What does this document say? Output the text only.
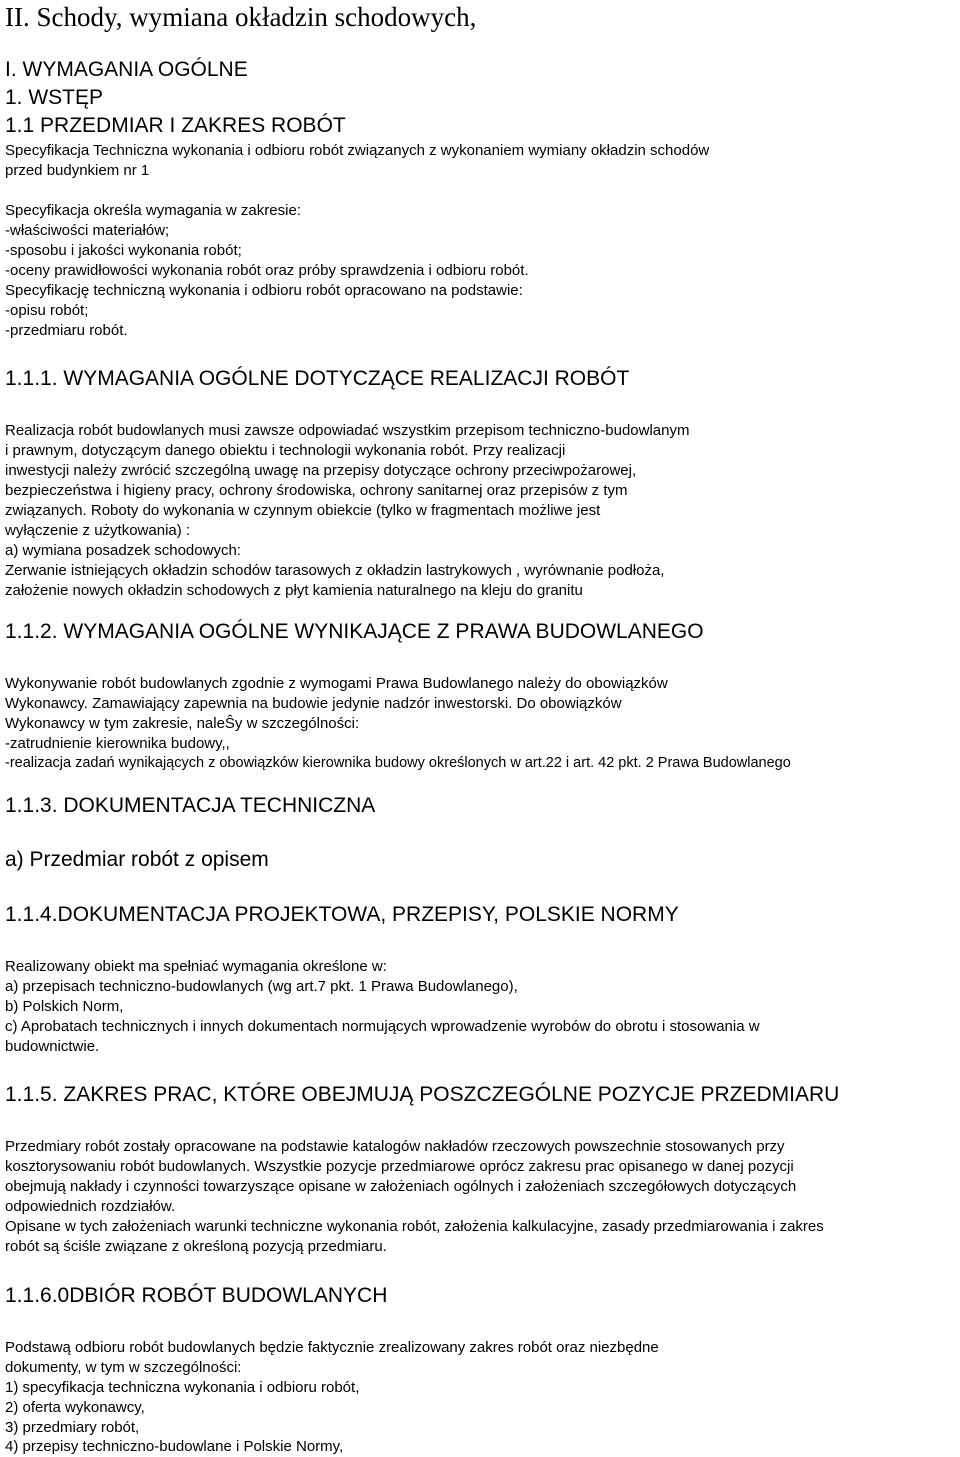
II. Schody, wymiana okładzin schodowych,
I. WYMAGANIA OGÓLNE
1. WSTĘP
1.1 PRZEDMIAR I ZAKRES ROBÓT
Specyfikacja Techniczna wykonania i odbioru robót związanych z wykonaniem wymiany okładzin schodów
przed budynkiem nr 1
Specyfikacja określa wymagania w zakresie:
-właściwości materiałów;
-sposobu i jakości wykonania robót;
-oceny prawidłowości wykonania robót oraz próby sprawdzenia i odbioru robót.
Specyfikację techniczną wykonania i odbioru robót opracowano na podstawie:
-opisu robót;
-przedmiaru robót.
1.1.1. WYMAGANIA OGÓLNE DOTYCZĄCE REALIZACJI ROBÓT
Realizacja robót budowlanych musi zawsze odpowiadać wszystkim przepisom techniczno-budowlanym
i prawnym, dotyczącym danego obiektu i technologii wykonania robót. Przy realizacji
inwestycji należy zwrócić szczególną uwagę na przepisy dotyczące ochrony przeciwpożarowej,
bezpieczeństwa i higieny pracy, ochrony środowiska, ochrony sanitarnej oraz przepisów z tym
związanych. Roboty do wykonania w czynnym obiekcie (tylko w fragmentach możliwe jest
wyłączenie z użytkowania) :
a) wymiana posadzek schodowych:
Zerwanie istniejących okładzin schodów tarasowych z okładzin lastrykowych , wyrównanie podłoża,
założenie nowych okładzin schodowych z płyt kamienia naturalnego na kleju do granitu
1.1.2. WYMAGANIA OGÓLNE WYNIKAJĄCE Z PRAWA BUDOWLANEGO
Wykonywanie robót budowlanych zgodnie z wymogami Prawa Budowlanego należy do obowiązków
Wykonawcy. Zamawiający zapewnia na budowie jedynie nadzór inwestorski. Do obowiązków
Wykonawcy w tym zakresie, naleŜy w szczególności:
-zatrudnienie kierownika budowy,,
-realizacja zadań wynikających z obowiązków kierownika budowy określonych w art.22 i art. 42 pkt. 2 Prawa Budowlanego
1.1.3. DOKUMENTACJA TECHNICZNA
a) Przedmiar robót z opisem
1.1.4.DOKUMENTACJA PROJEKTOWA, PRZEPISY, POLSKIE NORMY
Realizowany obiekt ma spełniać wymagania określone w:
a) przepisach techniczno-budowlanych (wg art.7 pkt. 1 Prawa Budowlanego),
b) Polskich Norm,
c) Aprobatach technicznych i innych dokumentach normujących wprowadzenie wyrobów do obrotu i stosowania w
budownictwie.
1.1.5. ZAKRES PRAC, KTÓRE OBEJMUJĄ POSZCZEGÓLNE POZYCJE PRZEDMIARU
Przedmiary robót zostały opracowane na podstawie katalogów nakładów rzeczowych powszechnie stosowanych przy
kosztorysowaniu robót budowlanych. Wszystkie pozycje przedmiarowe oprócz zakresu prac opisanego w danej pozycji
obejmują nakłady i czynności towarzyszące opisane w założeniach ogólnych i założeniach szczegółowych dotyczących
odpowiednich rozdziałów.
Opisane w tych założeniach warunki techniczne wykonania robót, założenia kalkulacyjne, zasady przedmiarowania i zakres
robót są ściśle związane z określoną pozycją przedmiaru.
1.1.6.0DBIÓR ROBÓT BUDOWLANYCH
Podstawą odbioru robót budowlanych będzie faktycznie zrealizowany zakres robót oraz niezbędne
dokumenty, w tym w szczególności:
1) specyfikacja techniczna wykonania i odbioru robót,
2) oferta wykonawcy,
3) przedmiary robót,
4) przepisy techniczno-budowlane i Polskie Normy,
